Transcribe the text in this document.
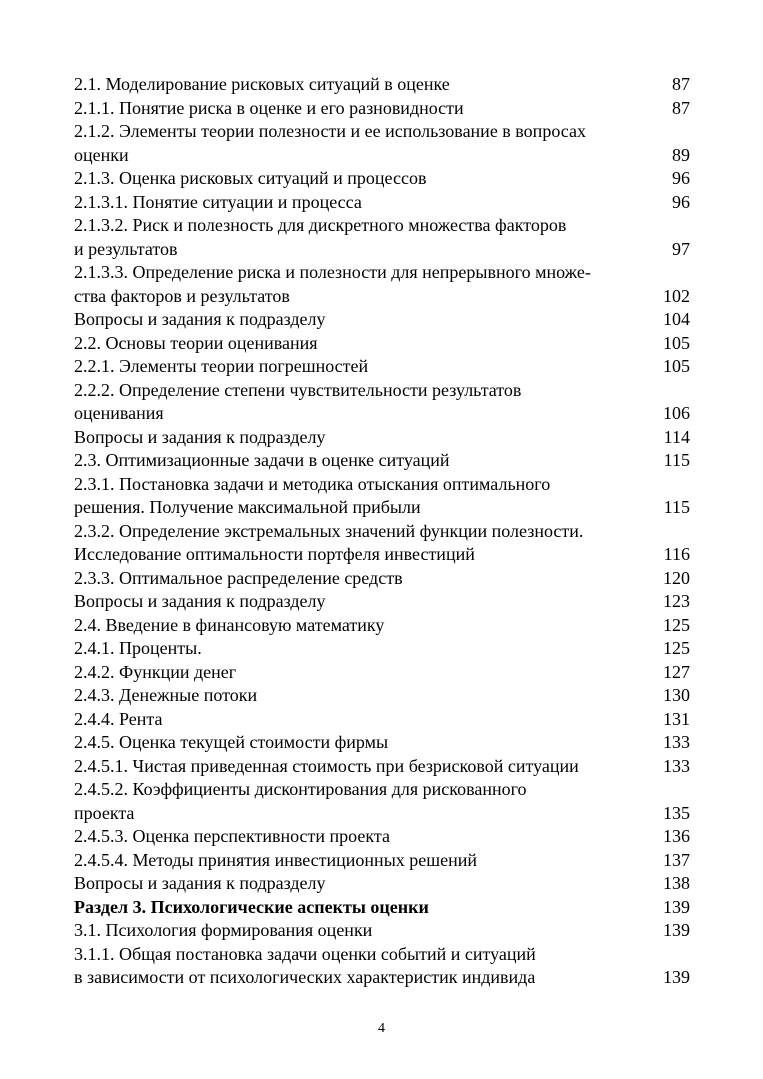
2.1. Моделирование рисковых ситуаций в оценке	87
2.1.1. Понятие риска в оценке и его разновидности	87
2.1.2. Элементы теории полезности и ее использование в вопросах
оценки	89
2.1.3. Оценка рисковых ситуаций и процессов	96
2.1.3.1. Понятие ситуации и процесса	96
2.1.3.2. Риск и полезность для дискретного множества факторов
и результатов	97
2.1.3.3. Определение риска и полезности для непрерывного множе-
ства факторов и результатов	102
Вопросы и задания к подразделу	104
2.2. Основы теории оценивания	105
2.2.1. Элементы теории погрешностей	105
2.2.2. Определение степени чувствительности результатов
оценивания	106
Вопросы и задания к подразделу	114
2.3. Оптимизационные задачи в оценке ситуаций	115
2.3.1. Постановка задачи и методика отыскания оптимального
решения. Получение максимальной прибыли	115
2.3.2. Определение экстремальных значений функции полезности.
Исследование оптимальности портфеля инвестиций	116
2.3.3. Оптимальное распределение средств	120
Вопросы и задания к подразделу	123
2.4. Введение в финансовую математику	125
2.4.1. Проценты.	125
2.4.2. Функции денег	127
2.4.3. Денежные потоки	130
2.4.4. Рента	131
2.4.5. Оценка текущей стоимости фирмы	133
2.4.5.1. Чистая приведенная стоимость при безрисковой ситуации	133
2.4.5.2. Коэффициенты дисконтирования для рискованного
проекта	135
2.4.5.3. Оценка перспективности проекта	136
2.4.5.4. Методы принятия инвестиционных решений	137
Вопросы и задания к подразделу	138
Раздел 3. Психологические аспекты оценки	139
3.1. Психология формирования оценки	139
3.1.1. Общая постановка задачи оценки событий и ситуаций
в зависимости от психологических характеристик индивида	139
4
